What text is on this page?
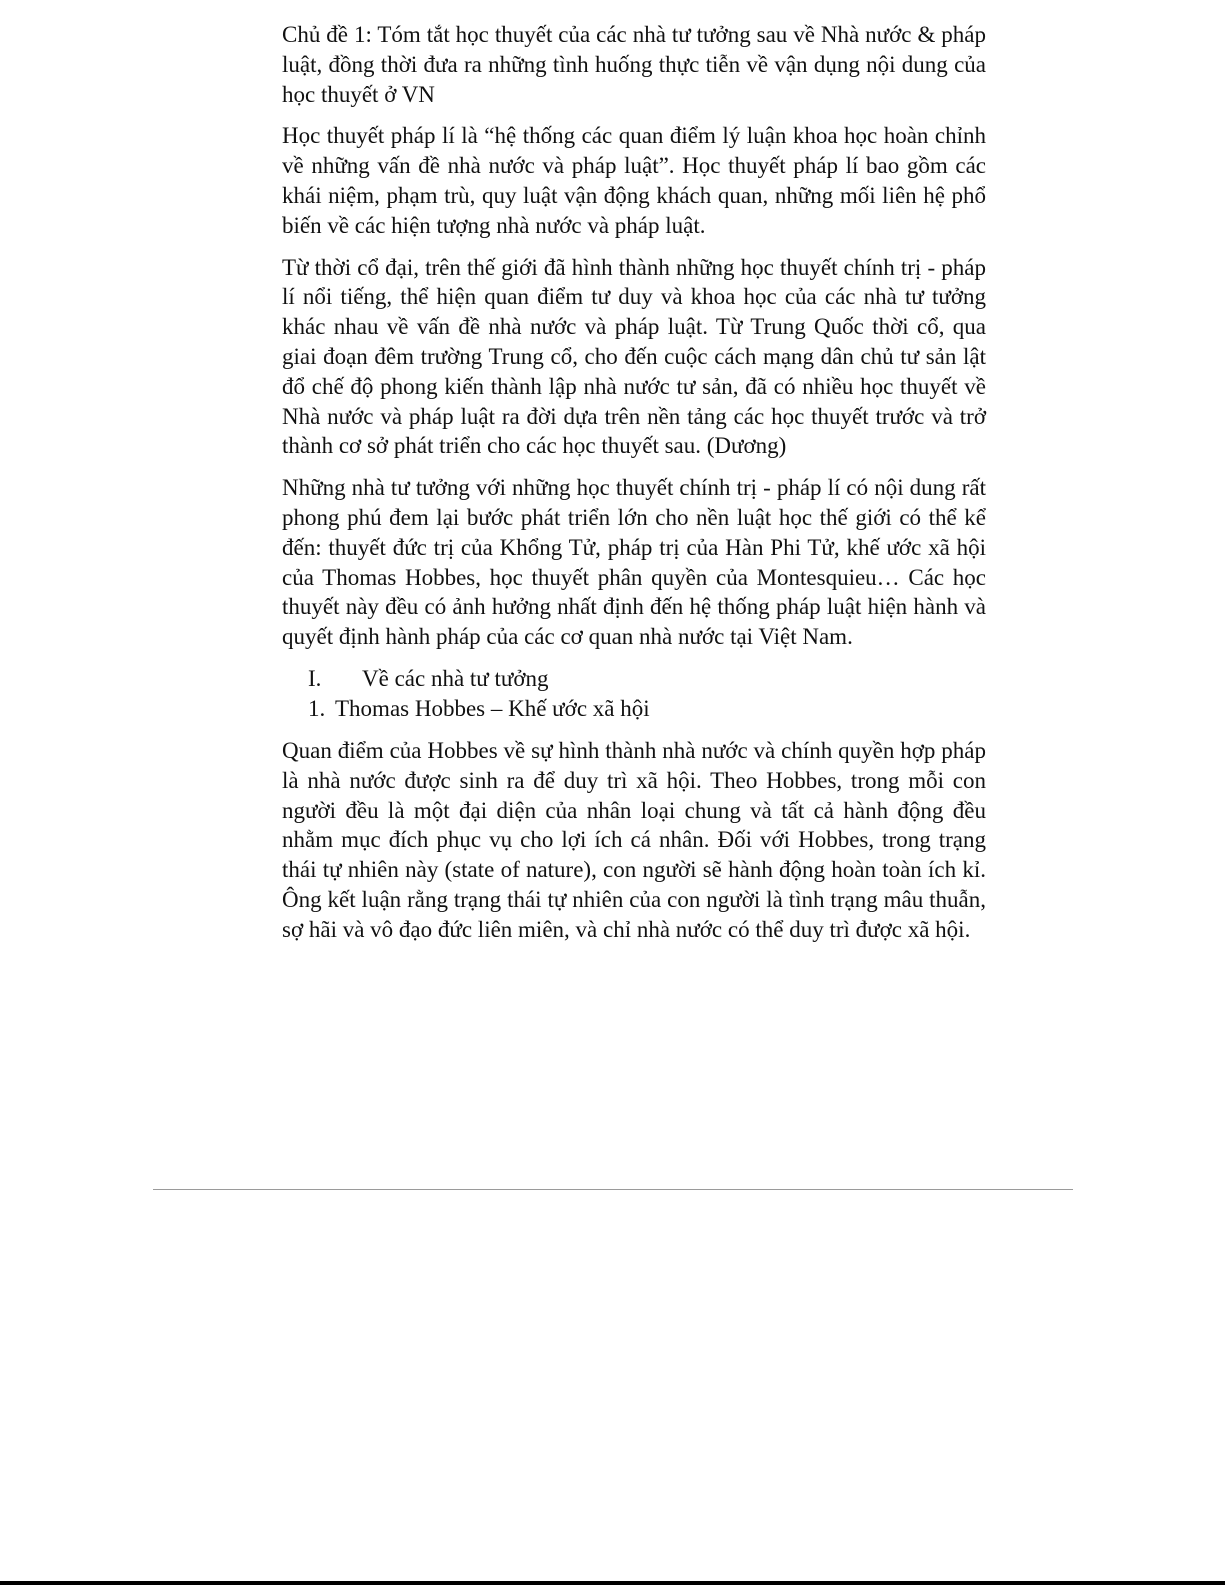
Chủ đề 1: Tóm tắt học thuyết của các nhà tư tưởng sau về Nhà nước & pháp luật, đồng thời đưa ra những tình huống thực tiễn về vận dụng nội dung của học thuyết ở VN

Học thuyết pháp lí là “hệ thống các quan điểm lý luận khoa học hoàn chỉnh về những vấn đề nhà nước và pháp luật”. Học thuyết pháp lí bao gồm các khái niệm, phạm trù, quy luật vận động khách quan, những mối liên hệ phổ biến về các hiện tượng nhà nước và pháp luật.

Từ thời cổ đại, trên thế giới đã hình thành những học thuyết chính trị - pháp lí nổi tiếng, thể hiện quan điểm tư duy và khoa học của các nhà tư tưởng khác nhau về vấn đề nhà nước và pháp luật. Từ Trung Quốc thời cổ, qua giai đoạn đêm trường Trung cổ, cho đến cuộc cách mạng dân chủ tư sản lật đổ chế độ phong kiến thành lập nhà nước tư sản, đã có nhiều học thuyết về Nhà nước và pháp luật ra đời dựa trên nền tảng các học thuyết trước và trở thành cơ sở phát triển cho các học thuyết sau. (Dương)

Những nhà tư tưởng với những học thuyết chính trị - pháp lí có nội dung rất phong phú đem lại bước phát triển lớn cho nền luật học thế giới có thể kể đến: thuyết đức trị của Khổng Tử, pháp trị của Hàn Phi Tử, khế ước xã hội của Thomas Hobbes, học thuyết phân quyền của Montesquieu… Các học thuyết này đều có ảnh hưởng nhất định đến hệ thống pháp luật hiện hành và quyết định hành pháp của các cơ quan nhà nước tại Việt Nam.

I.	Về các nhà tư tưởng
1. Thomas Hobbes – Khế ước xã hội

Quan điểm của Hobbes về sự hình thành nhà nước và chính quyền hợp pháp là nhà nước được sinh ra để duy trì xã hội. Theo Hobbes, trong mỗi con người đều là một đại diện của nhân loại chung và tất cả hành động đều nhằm mục đích phục vụ cho lợi ích cá nhân. Đối với Hobbes, trong trạng thái tự nhiên này (state of nature), con người sẽ hành động hoàn toàn ích kỉ. Ông kết luận rằng trạng thái tự nhiên của con người là tình trạng mâu thuẫn, sợ hãi và vô đạo đức liên miên, và chỉ nhà nước có thể duy trì được xã hội.
